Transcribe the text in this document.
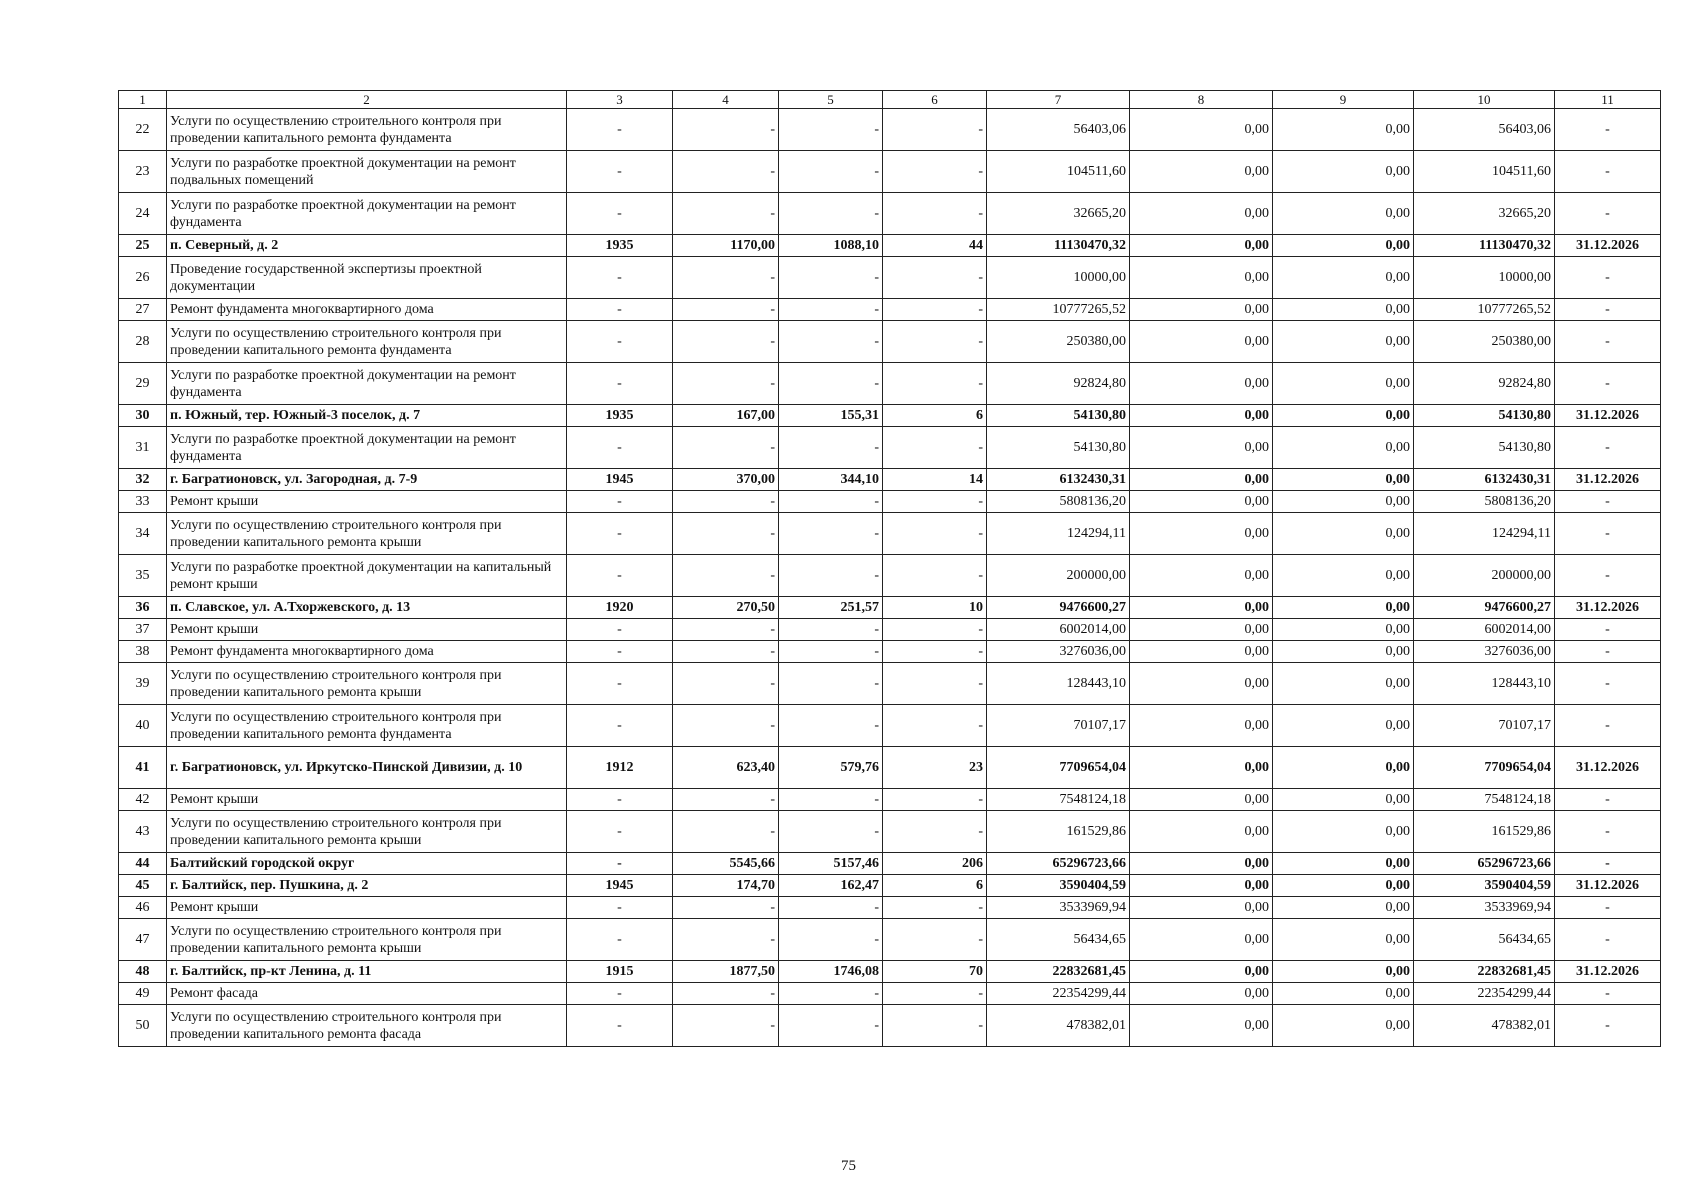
1	2	3	4	5	6	7	8	9	10	11
22	Услуги по осуществлению строительного контроля при проведении капитального ремонта фундамента	-	-	-	-	56403,06	0,00	0,00	56403,06	-
23	Услуги по разработке проектной документации на ремонт подвальных помещений	-	-	-	-	104511,60	0,00	0,00	104511,60	-
24	Услуги по разработке проектной документации на ремонт фундамента	-	-	-	-	32665,20	0,00	0,00	32665,20	-
25	п. Северный, д. 2	1935	1170,00	1088,10	44	11130470,32	0,00	0,00	11130470,32	31.12.2026
26	Проведение государственной экспертизы проектной документации	-	-	-	-	10000,00	0,00	0,00	10000,00	-
27	Ремонт фундамента многоквартирного дома	-	-	-	-	10777265,52	0,00	0,00	10777265,52	-
28	Услуги по осуществлению строительного контроля при проведении капитального ремонта фундамента	-	-	-	-	250380,00	0,00	0,00	250380,00	-
29	Услуги по разработке проектной документации на ремонт фундамента	-	-	-	-	92824,80	0,00	0,00	92824,80	-
30	п. Южный, тер. Южный-3 поселок, д. 7	1935	167,00	155,31	6	54130,80	0,00	0,00	54130,80	31.12.2026
31	Услуги по разработке проектной документации на ремонт фундамента	-	-	-	-	54130,80	0,00	0,00	54130,80	-
32	г. Багратионовск, ул. Загородная, д. 7-9	1945	370,00	344,10	14	6132430,31	0,00	0,00	6132430,31	31.12.2026
33	Ремонт крыши	-	-	-	-	5808136,20	0,00	0,00	5808136,20	-
34	Услуги по осуществлению строительного контроля при проведении капитального ремонта крыши	-	-	-	-	124294,11	0,00	0,00	124294,11	-
35	Услуги по разработке проектной документации на капитальный ремонт крыши	-	-	-	-	200000,00	0,00	0,00	200000,00	-
36	п. Славское, ул. А.Тхоржевского, д. 13	1920	270,50	251,57	10	9476600,27	0,00	0,00	9476600,27	31.12.2026
37	Ремонт крыши	-	-	-	-	6002014,00	0,00	0,00	6002014,00	-
38	Ремонт фундамента многоквартирного дома	-	-	-	-	3276036,00	0,00	0,00	3276036,00	-
39	Услуги по осуществлению строительного контроля при проведении капитального ремонта крыши	-	-	-	-	128443,10	0,00	0,00	128443,10	-
40	Услуги по осуществлению строительного контроля при проведении капитального ремонта фундамента	-	-	-	-	70107,17	0,00	0,00	70107,17	-
41	г. Багратионовск, ул. Иркутско-Пинской Дивизии, д. 10	1912	623,40	579,76	23	7709654,04	0,00	0,00	7709654,04	31.12.2026
42	Ремонт крыши	-	-	-	-	7548124,18	0,00	0,00	7548124,18	-
43	Услуги по осуществлению строительного контроля при проведении капитального ремонта крыши	-	-	-	-	161529,86	0,00	0,00	161529,86	-
44	Балтийский городской округ	-	5545,66	5157,46	206	65296723,66	0,00	0,00	65296723,66	-
45	г. Балтийск, пер. Пушкина, д. 2	1945	174,70	162,47	6	3590404,59	0,00	0,00	3590404,59	31.12.2026
46	Ремонт крыши	-	-	-	-	3533969,94	0,00	0,00	3533969,94	-
47	Услуги по осуществлению строительного контроля при проведении капитального ремонта крыши	-	-	-	-	56434,65	0,00	0,00	56434,65	-
48	г. Балтийск, пр-кт Ленина, д. 11	1915	1877,50	1746,08	70	22832681,45	0,00	0,00	22832681,45	31.12.2026
49	Ремонт фасада	-	-	-	-	22354299,44	0,00	0,00	22354299,44	-
50	Услуги по осуществлению строительного контроля при проведении капитального ремонта фасада	-	-	-	-	478382,01	0,00	0,00	478382,01	-
75
